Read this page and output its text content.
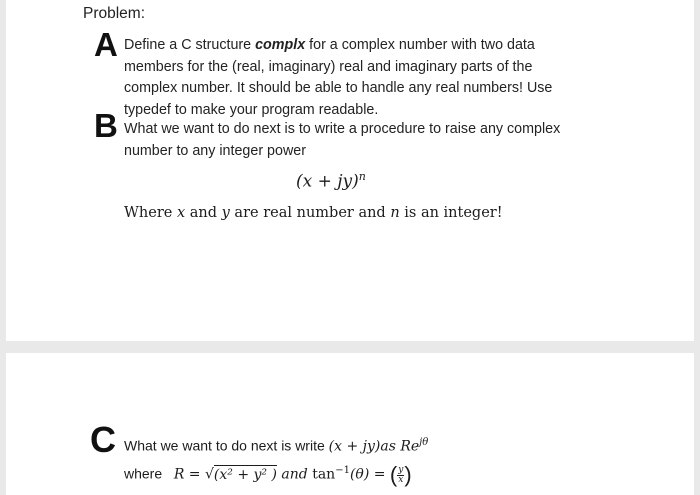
Problem:
A Define a C structure complx for a complex number with two data

members for the (real, imaginary) real and imaginary parts of the

complex number. It should be able to handle any real numbers! Use

typedef to make your program readable.

B What we want to do next is to write a procedure to raise any complex

number to any integer power

(x + jy)$^n$
Where x and y are real number and n is an integer!
C What we want to do next is write (x + jy)as $Re^{j\theta}$
where R = √(x² + y² ) and $\tan^{-1}(\theta)$ = ( $\frac{y}{x}$ )
